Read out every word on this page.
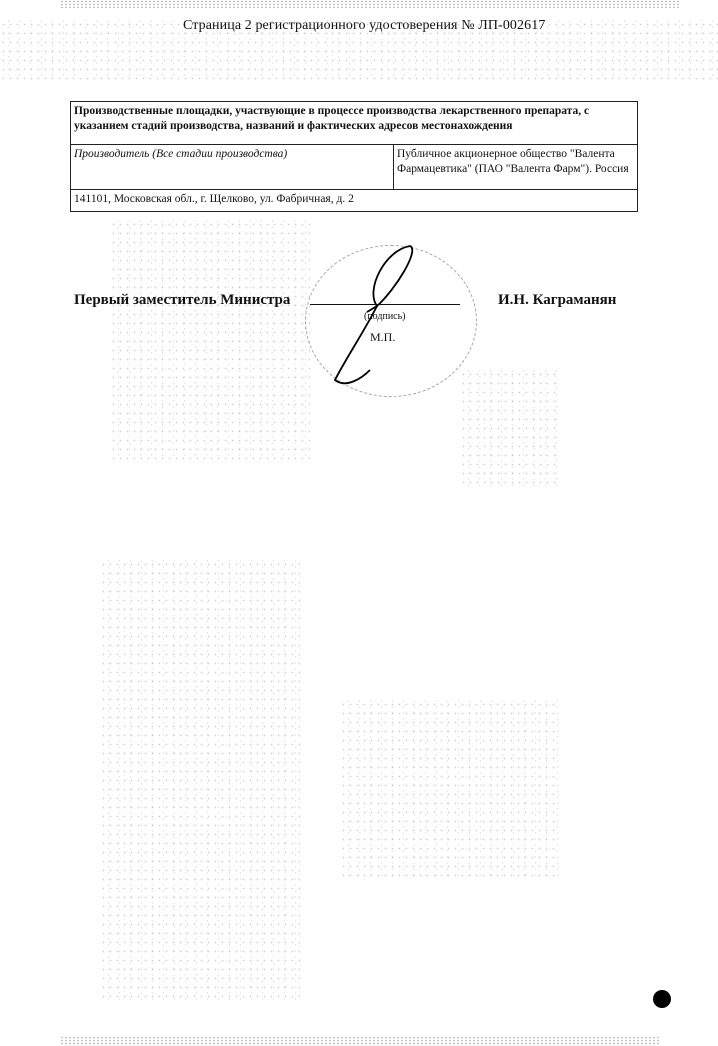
Страница 2 регистрационного удостоверения № ЛП-002617
Производственные площадки, участвующие в процессе производства лекарственного препарата, с указанием стадий производства, названий и фактических адресов местонахождения
Производитель (Все стадии производства)	Публичное акционерное общество "Валента Фармацевтика" (ПАО "Валента Фарм"). Россия
141101, Московская обл., г. Щелково, ул. Фабричная, д. 2
Первый заместитель Министра
(подпись)
М.П.
И.Н. Каграманян
